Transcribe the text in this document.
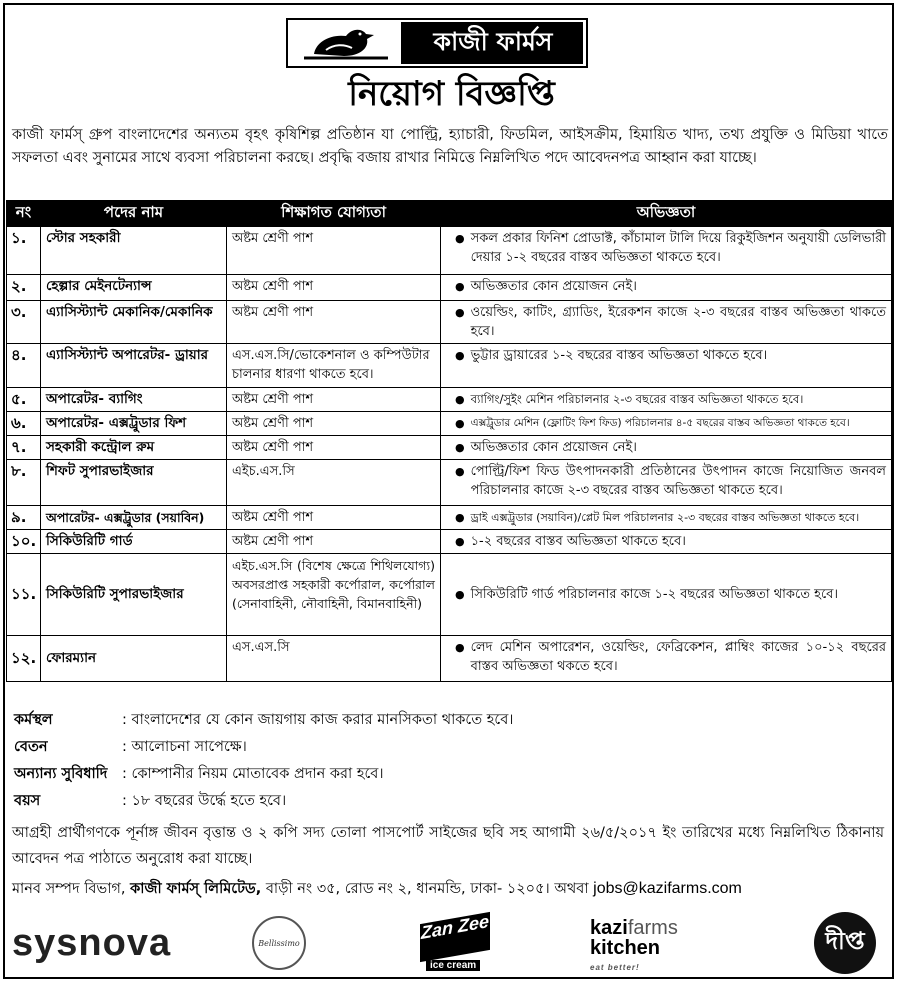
কাজী ফার্মস
নিয়োগ বিজ্ঞপ্তি
কাজী ফার্মস্ গ্রুপ বাংলাদেশের অন্যতম বৃহৎ কৃষিশিল্প প্রতিষ্ঠান যা পোল্ট্রি, হ্যাচারী, ফিডমিল, আইসক্রীম, হিমায়িত খাদ্য, তথ্য প্রযুক্তি ও মিডিয়া খাতে সফলতা এবং সুনামের সাথে ব্যবসা পরিচালনা করছে। প্রবৃদ্ধি বজায় রাখার নিমিত্তে নিম্নলিখিত পদে আবেদনপত্র আহ্বান করা যাচ্ছে।
নং	পদের নাম	শিক্ষাগত যোগ্যতা	অভিজ্ঞতা
১.	স্টোর সহকারী	অষ্টম শ্রেণী পাশ	● সকল প্রকার ফিনিশ প্রোডাক্ট, কাঁচামাল টালি দিয়ে রিকুইজিশন অনুযায়ী ডেলিভারী দেয়ার ১-২ বছরের বাস্তব অভিজ্ঞতা থাকতে হবে।

২.	হেল্পার মেইনটেন্যান্স	অষ্টম শ্রেণী পাশ	● অভিজ্ঞতার কোন প্রয়োজন নেই।

৩.	এ্যাসিস্ট্যান্ট মেকানিক/মেকানিক	অষ্টম শ্রেণী পাশ	● ওয়েল্ডিং, কাটিং, গ্র্যাডিং, ইরেকশন কাজে ২-৩ বছরের বাস্তব অভিজ্ঞতা থাকতে হবে।

৪.	এ্যাসিস্ট্যান্ট অপারেটর- ড্রায়ার	এস.এস.সি/ভোকেশনাল ও কম্পিউটার চালনার ধারণা থাকতে হবে।	● ভুট্টার ড্রায়ারের ১-২ বছরের বাস্তব অভিজ্ঞতা থাকতে হবে।

৫.	অপারেটর- ব্যাগিং	অষ্টম শ্রেণী পাশ	● ব্যাগিং/সুইং মেশিন পরিচালনার ২-৩ বছরের বাস্তব অভিজ্ঞতা থাকতে হবে।

৬.	অপারেটর- এক্সট্রুডার ফিশ	অষ্টম শ্রেণী পাশ	● এক্সট্রুডার মেশিন (ফ্লোটিং ফিশ ফিড) পরিচালনার ৪-৫ বছরের বাস্তব অভিজ্ঞতা থাকতে হবে।

৭.	সহকারী কন্ট্রোল রুম	অষ্টম শ্রেণী পাশ	● অভিজ্ঞতার কোন প্রয়োজন নেই।

৮.	শিফট সুপারভাইজার	এইচ.এস.সি	● পোল্ট্রি/ফিশ ফিড উৎপাদনকারী প্রতিষ্ঠানের উৎপাদন কাজে নিয়োজিত জনবল পরিচালনার কাজে ২-৩ বছরের বাস্তব অভিজ্ঞতা থাকতে হবে।

৯.	অপারেটর- এক্সট্রুডার (সয়াবিন)	অষ্টম শ্রেণী পাশ	● ড্রাই এক্সট্রুডার (সয়াবিন)/প্লেট মিল পরিচালনার ২-৩ বছরের বাস্তব অভিজ্ঞতা থাকতে হবে।

১০.	সিকিউরিটি গার্ড	অষ্টম শ্রেণী পাশ	● ১-২ বছরের বাস্তব অভিজ্ঞতা থাকতে হবে।

১১.	সিকিউরিটি সুপারভাইজার	এইচ.এস.সি (বিশেষ ক্ষেত্রে শিথিলযোগ্য) অবসরপ্রাপ্ত সহকারী কর্পোরাল, কর্পোরাল (সেনাবাহিনী, নৌবাহিনী, বিমানবাহিনী)	● সিকিউরিটি গার্ড পরিচালনার কাজে ১-২ বছরের অভিজ্ঞতা থাকতে হবে।

১২.	ফোরম্যান	এস.এস.সি	● লেদ মেশিন অপারেশন, ওয়েল্ডিং, ফেব্রিকেশন, প্লাম্বিং কাজের ১০-১২ বছরের বাস্তব অভিজ্ঞতা থকতে হবে।
কর্মস্থল	: বাংলাদেশের যে কোন জায়গায় কাজ করার মানসিকতা থাকতে হবে।
বেতন	: আলোচনা সাপেক্ষে।
অন্যান্য সুবিধাদি	: কোম্পানীর নিয়ম মোতাবেক প্রদান করা হবে।
বয়স	: ১৮ বছরের উর্দ্ধে হতে হবে।
আগ্রহী প্রার্থীগণকে পূর্নাঙ্গ জীবন বৃত্তান্ত ও ২ কপি সদ্য তোলা পাসপোর্ট সাইজের ছবি সহ আগামী ২৬/৫/২০১৭ ইং তারিখের মধ্যে নিম্নলিখিত ঠিকানায় আবেদন পত্র পাঠাতে অনুরোধ করা যাচ্ছে।
মানব সম্পদ বিভাগ, কাজী ফার্মস্ লিমিটেড, বাড়ী নং ৩৫, রোড নং ২, ধানমন্ডি, ঢাকা- ১২০৫। অথবা jobs@kazifarms.com
sysnova	Bellissimo
Zan Zee
ice cream
kazifarms
kitchen
eat better!
দীপ্ত
